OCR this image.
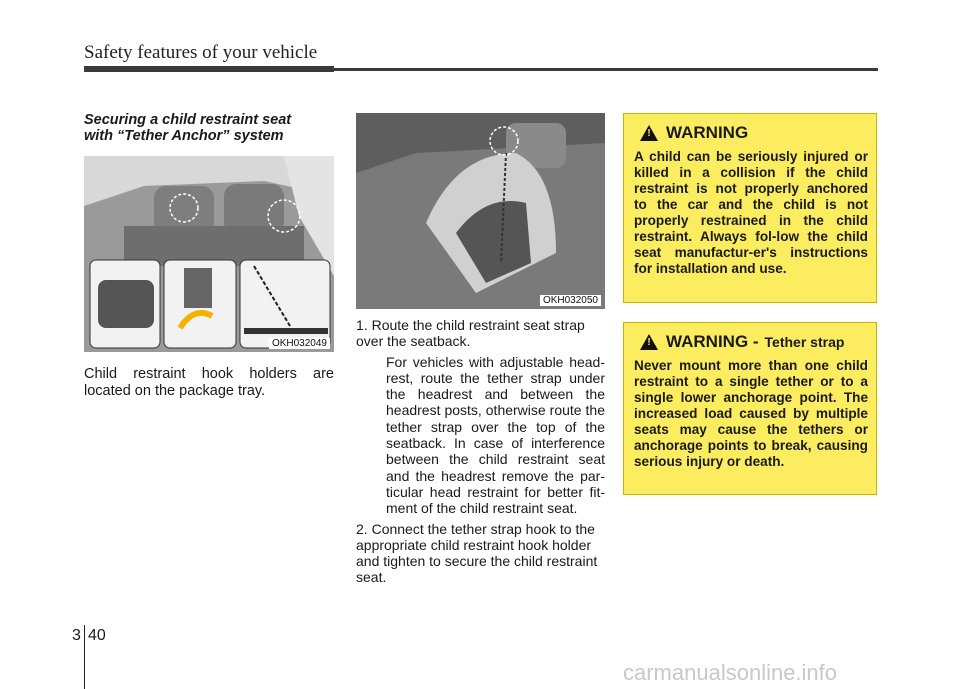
Safety features of your vehicle
Securing a child restraint seat
with “Tether Anchor” system
OKH032049
OKH032050
Child restraint hook holders are located on the package tray.
1. Route the child restraint seat strap over the seatback.
For vehicles with adjustable head-rest, route the tether strap under the headrest and between the headrest posts, otherwise route the tether strap over the top of the seatback. In case of interference between the child restraint seat and the headrest remove the par-ticular head restraint for better fit-ment of the child restraint seat.
2. Connect the tether strap hook to the appropriate child restraint hook holder and tighten to secure the child restraint seat.
! WARNING
A child can be seriously injured or killed in a collision if the child restraint is not properly anchored to the car and the child is not properly restrained in the child restraint. Always fol-low the child seat manufactur-er's instructions for installation and use.
! WARNING - Tether strap
Never mount more than one child restraint to a single tether or to a single lower anchorage point. The increased load caused by multiple seats may cause the tethers or anchorage points to break, causing serious injury or death.
3 40
carmanualsonline.info
